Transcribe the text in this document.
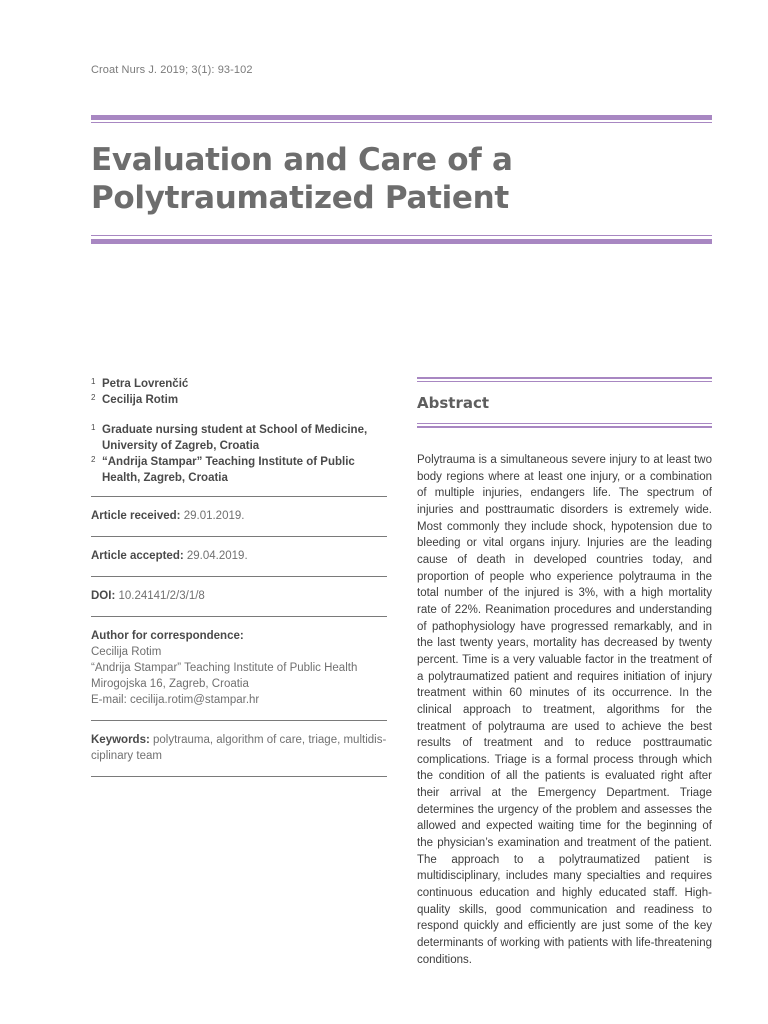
Croat Nurs J. 2019; 3(1): 93-102
Evaluation and Care of a
Polytraumatized Patient
1 Petra Lovrenčić
2 Cecilija Rotim
1 Graduate nursing student at School of Medicine,
University of Zagreb, Croatia
2 “Andrija Stampar” Teaching Institute of Public
Health, Zagreb, Croatia
Article received: 29.01.2019.
Article accepted: 29.04.2019.
DOI: 10.24141/2/3/1/8
Author for correspondence:
Cecilija Rotim
“Andrija Stampar” Teaching Institute of Public Health
Mirogojska 16, Zagreb, Croatia
E-mail: cecilija.rotim@stampar.hr
Keywords: polytrauma, algorithm of care, triage, multidis-
ciplinary team
Abstract
Polytrauma is a simultaneous severe injury to at least two body regions where at least one injury, or a combination of multiple injuries, endangers life. The spectrum of injuries and posttraumatic disorders is extremely wide. Most commonly they include shock, hypotension due to bleeding or vital organs injury. Injuries are the leading cause of death in developed countries today, and proportion of people who experience polytrauma in the total number of the injured is 3%, with a high mortality rate of 22%. Reanimation procedures and understanding of pathophysiology have progressed remarkably, and in the last twenty years, mortality has decreased by twenty percent. Time is a very valuable factor in the treatment of a polytraumatized patient and requires initiation of injury treatment within 60 minutes of its occurrence. In the clinical approach to treatment, algorithms for the treatment of polytrauma are used to achieve the best results of treatment and to reduce posttraumatic complications. Triage is a formal process through which the condition of all the patients is evaluated right after their arrival at the Emergency Department. Triage determines the urgency of the problem and assesses the allowed and expected waiting time for the beginning of the physician’s examination and treatment of the patient. The approach to a polytraumatized patient is multidisciplinary, includes many specialties and requires continuous education and highly educated staff. High-quality skills, good communication and readiness to respond quickly and efficiently are just some of the key determinants of working with patients with life-threatening conditions.
